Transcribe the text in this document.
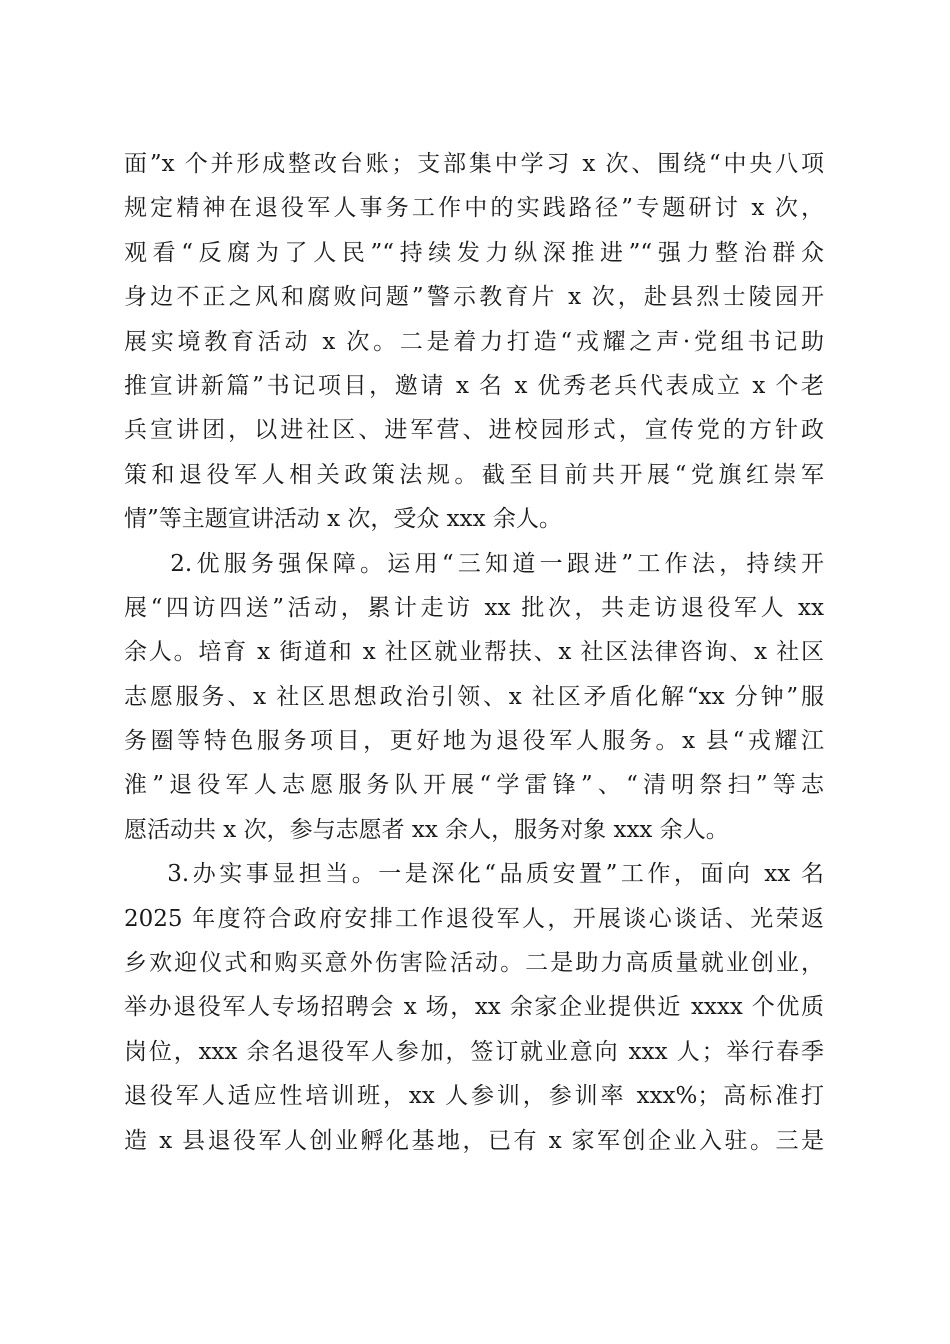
面”x 个并形成整改台账；支部集中学习 x 次、围绕“中央八项
规定精神在退役军人事务工作中的实践路径”专题研讨 x 次，
观看“反腐为了人民”“持续发力纵深推进”“强力整治群众
身边不正之风和腐败问题”警示教育片 x 次，赴县烈士陵园开
展实境教育活动 x 次。二是着力打造“戎耀之声·党组书记助
推宣讲新篇”书记项目，邀请 x 名 x 优秀老兵代表成立 x 个老
兵宣讲团，以进社区、进军营、进校园形式，宣传党的方针政
策和退役军人相关政策法规。截至目前共开展“党旗红崇军
情”等主题宣讲活动 x 次，受众 xxx 余人。
2.优服务强保障。运用“三知道一跟进”工作法，持续开
展“四访四送”活动，累计走访 xx 批次，共走访退役军人 xx
余人。培育 x 街道和 x 社区就业帮扶、x 社区法律咨询、x 社区
志愿服务、x 社区思想政治引领、x 社区矛盾化解“xx 分钟”服
务圈等特色服务项目，更好地为退役军人服务。x 县“戎耀江
淮”退役军人志愿服务队开展“学雷锋”、“清明祭扫”等志
愿活动共 x 次，参与志愿者 xx 余人，服务对象 xxx 余人。
3.办实事显担当。一是深化“品质安置”工作，面向 xx 名
2025 年度符合政府安排工作退役军人，开展谈心谈话、光荣返
乡欢迎仪式和购买意外伤害险活动。二是助力高质量就业创业，
举办退役军人专场招聘会 x 场，xx 余家企业提供近 xxxx 个优质
岗位，xxx 余名退役军人参加，签订就业意向 xxx 人；举行春季
退役军人适应性培训班，xx 人参训，参训率 xxx%；高标准打
造 x 县退役军人创业孵化基地，已有 x 家军创企业入驻。三是
